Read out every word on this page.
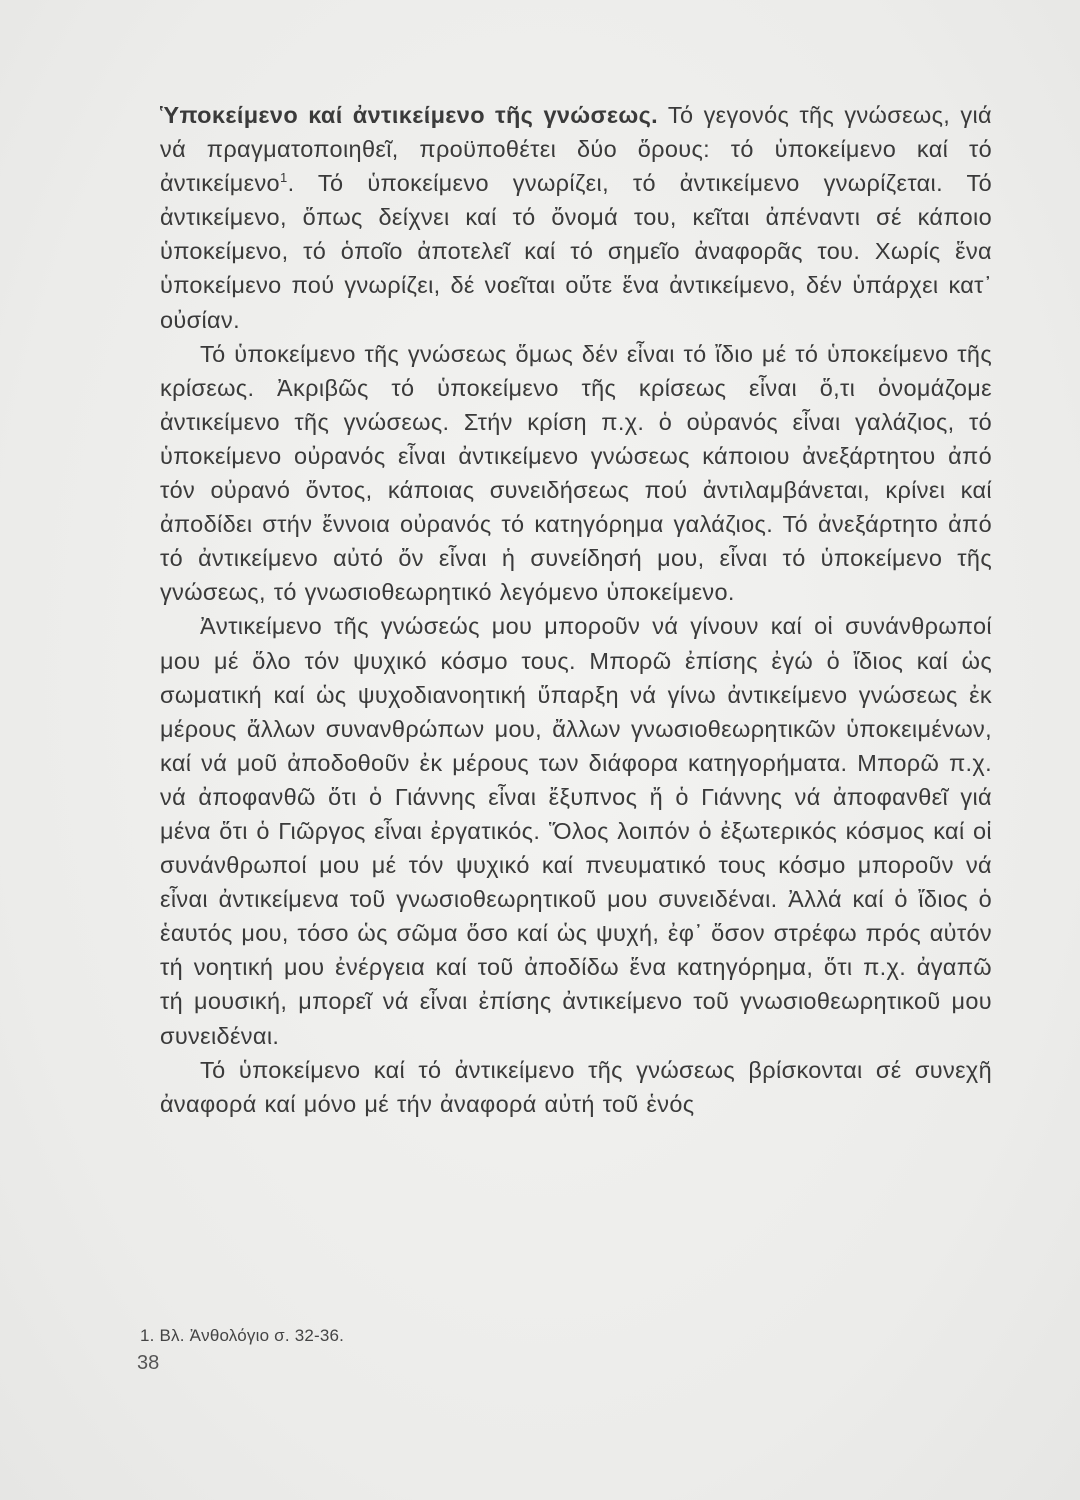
Ὑποκείμενο καί ἀντικείμενο τῆς γνώσεως. Τό γεγονός τῆς γνώσεως, γιά νά πραγματοποιηθεῖ, προϋποθέτει δύο ὅρους: τό ὑποκείμενο καί τό ἀντικείμενο$^1$. Τό ὑποκείμενο γνωρίζει, τό ἀντικείμενο γνωρίζεται. Τό ἀντικείμενο, ὅπως δείχνει καί τό ὄνομά του, κεῖται ἀπέναντι σέ κάποιο ὑποκείμενο, τό ὁποῖο ἀποτελεῖ καί τό σημεῖο ἀναφορᾶς του. Χωρίς ἕνα ὑποκείμενο πού γνωρίζει, δέ νοεῖται οὔτε ἕνα ἀντικείμενο, δέν ὑπάρχει κατ᾽ οὐσίαν.

Τό ὑποκείμενο τῆς γνώσεως ὅμως δέν εἶναι τό ἴδιο μέ τό ὑποκείμενο τῆς κρίσεως. Ἀκριβῶς τό ὑποκείμενο τῆς κρίσεως εἶναι ὅ,τι ὀνομάζομε ἀντικείμενο τῆς γνώσεως. Στήν κρίση π.χ. ὁ οὐρανός εἶναι γαλάζιος, τό ὑποκείμενο οὐρανός εἶναι ἀντικείμενο γνώσεως κάποιου ἀνεξάρτητου ἀπό τόν οὐρανό ὄντος, κάποιας συνειδήσεως πού ἀντιλαμβάνεται, κρίνει καί ἀποδίδει στήν ἔννοια οὐρανός τό κατηγόρημα γαλάζιος. Τό ἀνεξάρτητο ἀπό τό ἀντικείμενο αὐτό ὄν εἶναι ἡ συνείδησή μου, εἶναι τό ὑποκείμενο τῆς γνώσεως, τό γνωσιοθεωρητικό λεγόμενο ὑποκείμενο.

Ἀντικείμενο τῆς γνώσεώς μου μποροῦν νά γίνουν καί οἱ συνάνθρωποί μου μέ ὅλο τόν ψυχικό κόσμο τους. Μπορῶ ἐπίσης ἐγώ ὁ ἴδιος καί ὡς σωματική καί ὡς ψυχοδιανοητική ὕπαρξη νά γίνω ἀντικείμενο γνώσεως ἐκ μέρους ἄλλων συνανθρώπων μου, ἄλλων γνωσιοθεωρητικῶν ὑποκειμένων, καί νά μοῦ ἀποδοθοῦν ἐκ μέρους των διάφορα κατηγορήματα. Μπορῶ π.χ. νά ἀποφανθῶ ὅτι ὁ Γιάννης εἶναι ἔξυπνος ἤ ὁ Γιάννης νά ἀποφανθεῖ γιά μένα ὅτι ὁ Γιῶργος εἶναι ἐργατικός. Ὅλος λοιπόν ὁ ἐξωτερικός κόσμος καί οἱ συνάνθρωποί μου μέ τόν ψυχικό καί πνευματικό τους κόσμο μποροῦν νά εἶναι ἀντικείμενα τοῦ γνωσιοθεωρητικοῦ μου συνειδέναι. Ἀλλά καί ὁ ἴδιος ὁ ἑαυτός μου, τόσο ὡς σῶμα ὅσο καί ὡς ψυχή, ἐφ᾽ ὅσον στρέφω πρός αὐτόν τή νοητική μου ἐνέργεια καί τοῦ ἀποδίδω ἕνα κατηγόρημα, ὅτι π.χ. ἀγαπῶ τή μουσική, μπορεῖ νά εἶναι ἐπίσης ἀντικείμενο τοῦ γνωσιοθεωρητικοῦ μου συνειδέναι.

Τό ὑποκείμενο καί τό ἀντικείμενο τῆς γνώσεως βρίσκονται σέ συνεχῆ ἀναφορά καί μόνο μέ τήν ἀναφορά αὐτή τοῦ ἑνός

1. Βλ. Ἀνθολόγιο σ. 32-36.
38
